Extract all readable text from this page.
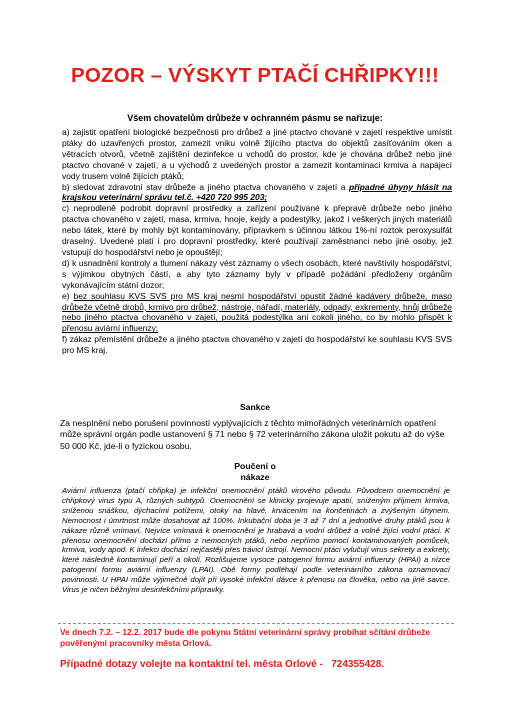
POZOR – VÝSKYT PTAČÍ CHŘIPKY!!!
Všem chovatelům drůbeže v ochranném pásmu se nařizuje:

a) zajistit opatření biologické bezpečnosti pro drůbež a jiné ptactvo chované v zajetí respektive umístit ptáky do uzavřených prostor, zamezit vniku volně žijícího ptactva do objektů zasíťováním oken a větracích otvorů, včetně zajištění dezinfekce u vchodů do prostor, kde je chována drůbež nebo jiné ptactvo chované v zajetí, a u východů z uvedených prostor a zamezit kontaminaci krmiva a napájecí vody trusem volně žijících ptáků;

b) sledovat zdravotní stav drůbeže a jiného ptactva chovaného v zajetí a případné úhyny hlásit na krajskou veterinární správu tel.č. +420 720 995 203;

c) neprodleně podrobit dopravní prostředky a zařízení používané k přepravě drůbeže nebo jiného ptactva chovaného v zajetí, masa, krmiva, hnoje, kejdy a podestýlky, jakož i veškerých jiných materiálů nebo látek, které by mohly být kontaminovány, přípravkem s účinnou látkou 1%-ní roztok peroxysulfát draselný. Uvedené platí i pro dopravní prostředky, které používají zaměstnanci nebo jiné osoby, jež vstupují do hospodářství nebo je opouštějí;

d) k usnadnění kontroly a tlumení nákazy vést záznamy o všech osobách, které navštívily hospodářství, s výjimkou obytných částí, a aby tyto záznamy byly v případě požádání předloženy orgánům vykonávajícím státní dozor;

e) bez souhlasu KVS SVS pro MS kraj nesmí hospodářství opustit žádné kadávery drůbeže, maso drůbeže včetně drobů, krmivo pro drůbež, nástroje, nářadí, materiály, odpady, exkrementy, hnůj drůbeže nebo jiného ptactva chovaného v zajetí, použitá podestýlka ani cokoli jiného, co by mohlo přispět k přenosu aviární influenzy;

f) zákaz přemístění drůbeže a jiného ptactva chovaného v zajetí do hospodářství ke souhlasu KVS SVS pro MS kraj.

Sankce
Za nesplnění nebo porušení povinností vyplývajících z těchto mimořádných veterinárních opatření může správní orgán podle ustanovení § 71 nebo § 72 veterinárního zákona uložit pokutu až do výše 50 000 Kč, jde-li o fyzickou osobu.
Poučení o
nákaze
Aviární influenza (ptačí chřipka) je infekční onemocnění ptáků virového původu. Původcem onemocnění je chřipkový virus typu A, různých subtypů. Onemocnění se klinicky projevuje apatií, sníženým příjmem krmiva, sníženou snáškou, dýchacími potížemi, otoky na hlavě, krvácením na končetinách a zvýšeným úhynem. Nemocnost i úmrtnost může dosahovat až 100%. Inkubační doba je 3 až 7 dní a jednotlivé druhy ptáků jsou k nákaze různě vnímaví. Nejvíce vnímavá k onemocnění je hrabavá a vodní drůbež a volně žijící vodní ptáci. K přenosu onemocnění dochází přímo z nemocných ptáků, nebo nepřímo pomocí kontaminovaných pomůcek, krmiva, vody apod. K infekci dochází nejčastěji přes trávicí ústrojí. Nemocní ptáci vylučují virus sekrety a exkrety, které následně kontaminují peří a okolí. Rozlišujeme vysoce patogenní formu aviární influenzy (HPAI) a nízce patogenní formu aviární influenzy (LPAI). Obě formy podléhají podle veterinárního zákona oznamovací povinnosti. U HPAI může výjimečně dojít při vysoké infekční dávce k přenosu na člověka, nebo na jiné savce. Virus je ničen běžnými desinfekčními přípravky.
Ve dnech 7.2. – 12.2. 2017 bude dle pokynu Státní veterinární správy probíhat sčítání drůbeže pověřenými pracovníky města Orlová.
Případné dotazy volejte na kontaktní tel. města Orlové - 724355428.
